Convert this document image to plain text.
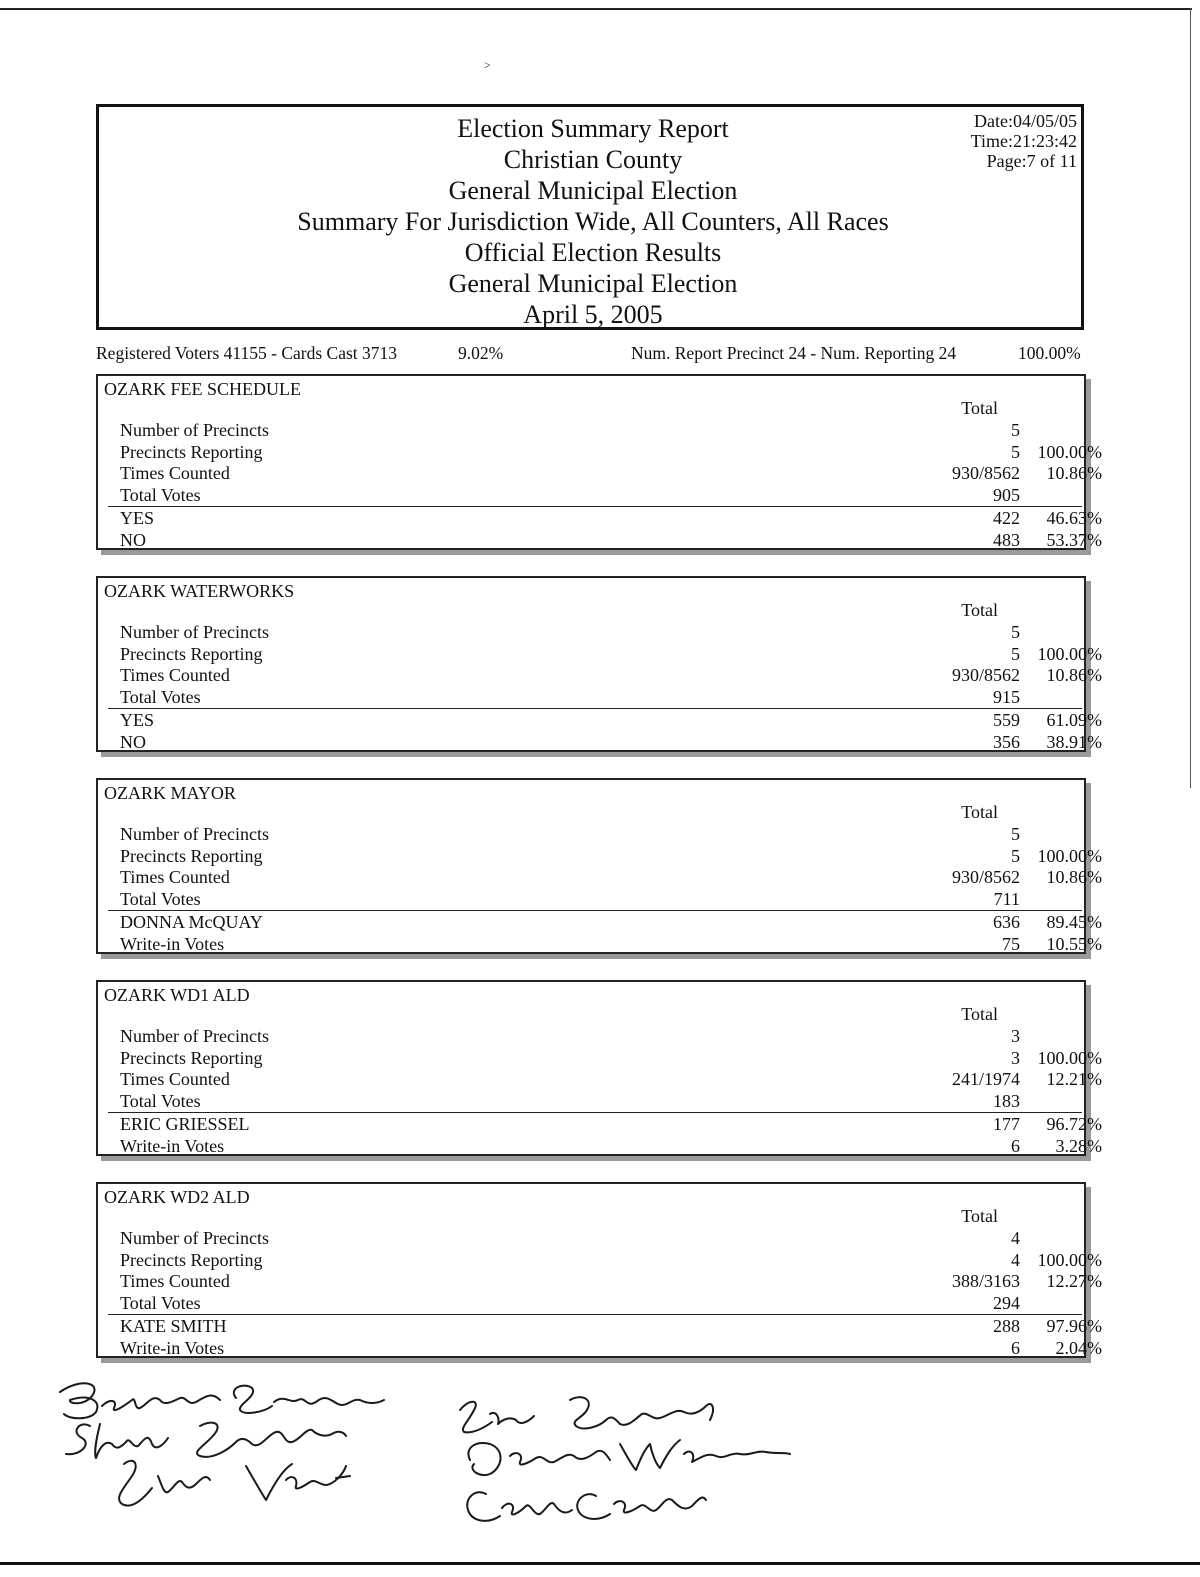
˃
Election Summary Report
Christian County
General Municipal Election
Summary For Jurisdiction Wide, All Counters, All Races
Official Election Results
General Municipal Election
April 5, 2005
Date:04/05/05
Time:21:23:42
Page:7 of 11
Registered Voters 41155 - Cards Cast 3713	9.02%	Num. Report Precinct 24 - Num. Reporting 24	100.00%
OZARK FEE SCHEDULE
Total
Number of Precincts	5
Precincts Reporting	5 100.00%
Times Counted	930/8562	10.86%
Total Votes	905
YES	422	46.63%
NO	483	53.37%
OZARK WATERWORKS
Total
Number of Precincts	5
Precincts Reporting	5 100.00%
Times Counted	930/8562	10.86%
Total Votes	915
YES	559	61.09%
NO	356	38.91%
OZARK MAYOR
Total
Number of Precincts	5
Precincts Reporting	5 100.00%
Times Counted	930/8562	10.86%
Total Votes	711
DONNA McQUAY	636	89.45%
Write-in Votes	75	10.55%
OZARK WD1 ALD
Total
Number of Precincts	3
Precincts Reporting	3 100.00%
Times Counted	241/1974	12.21%
Total Votes	183
ERIC GRIESSEL	177	96.72%
Write-in Votes	6	3.28%
OZARK WD2 ALD
Total
Number of Precincts	4
Precincts Reporting	4 100.00%
Times Counted	388/3163	12.27%
Total Votes	294
KATE SMITH	288	97.96%
Write-in Votes	6	2.04%
